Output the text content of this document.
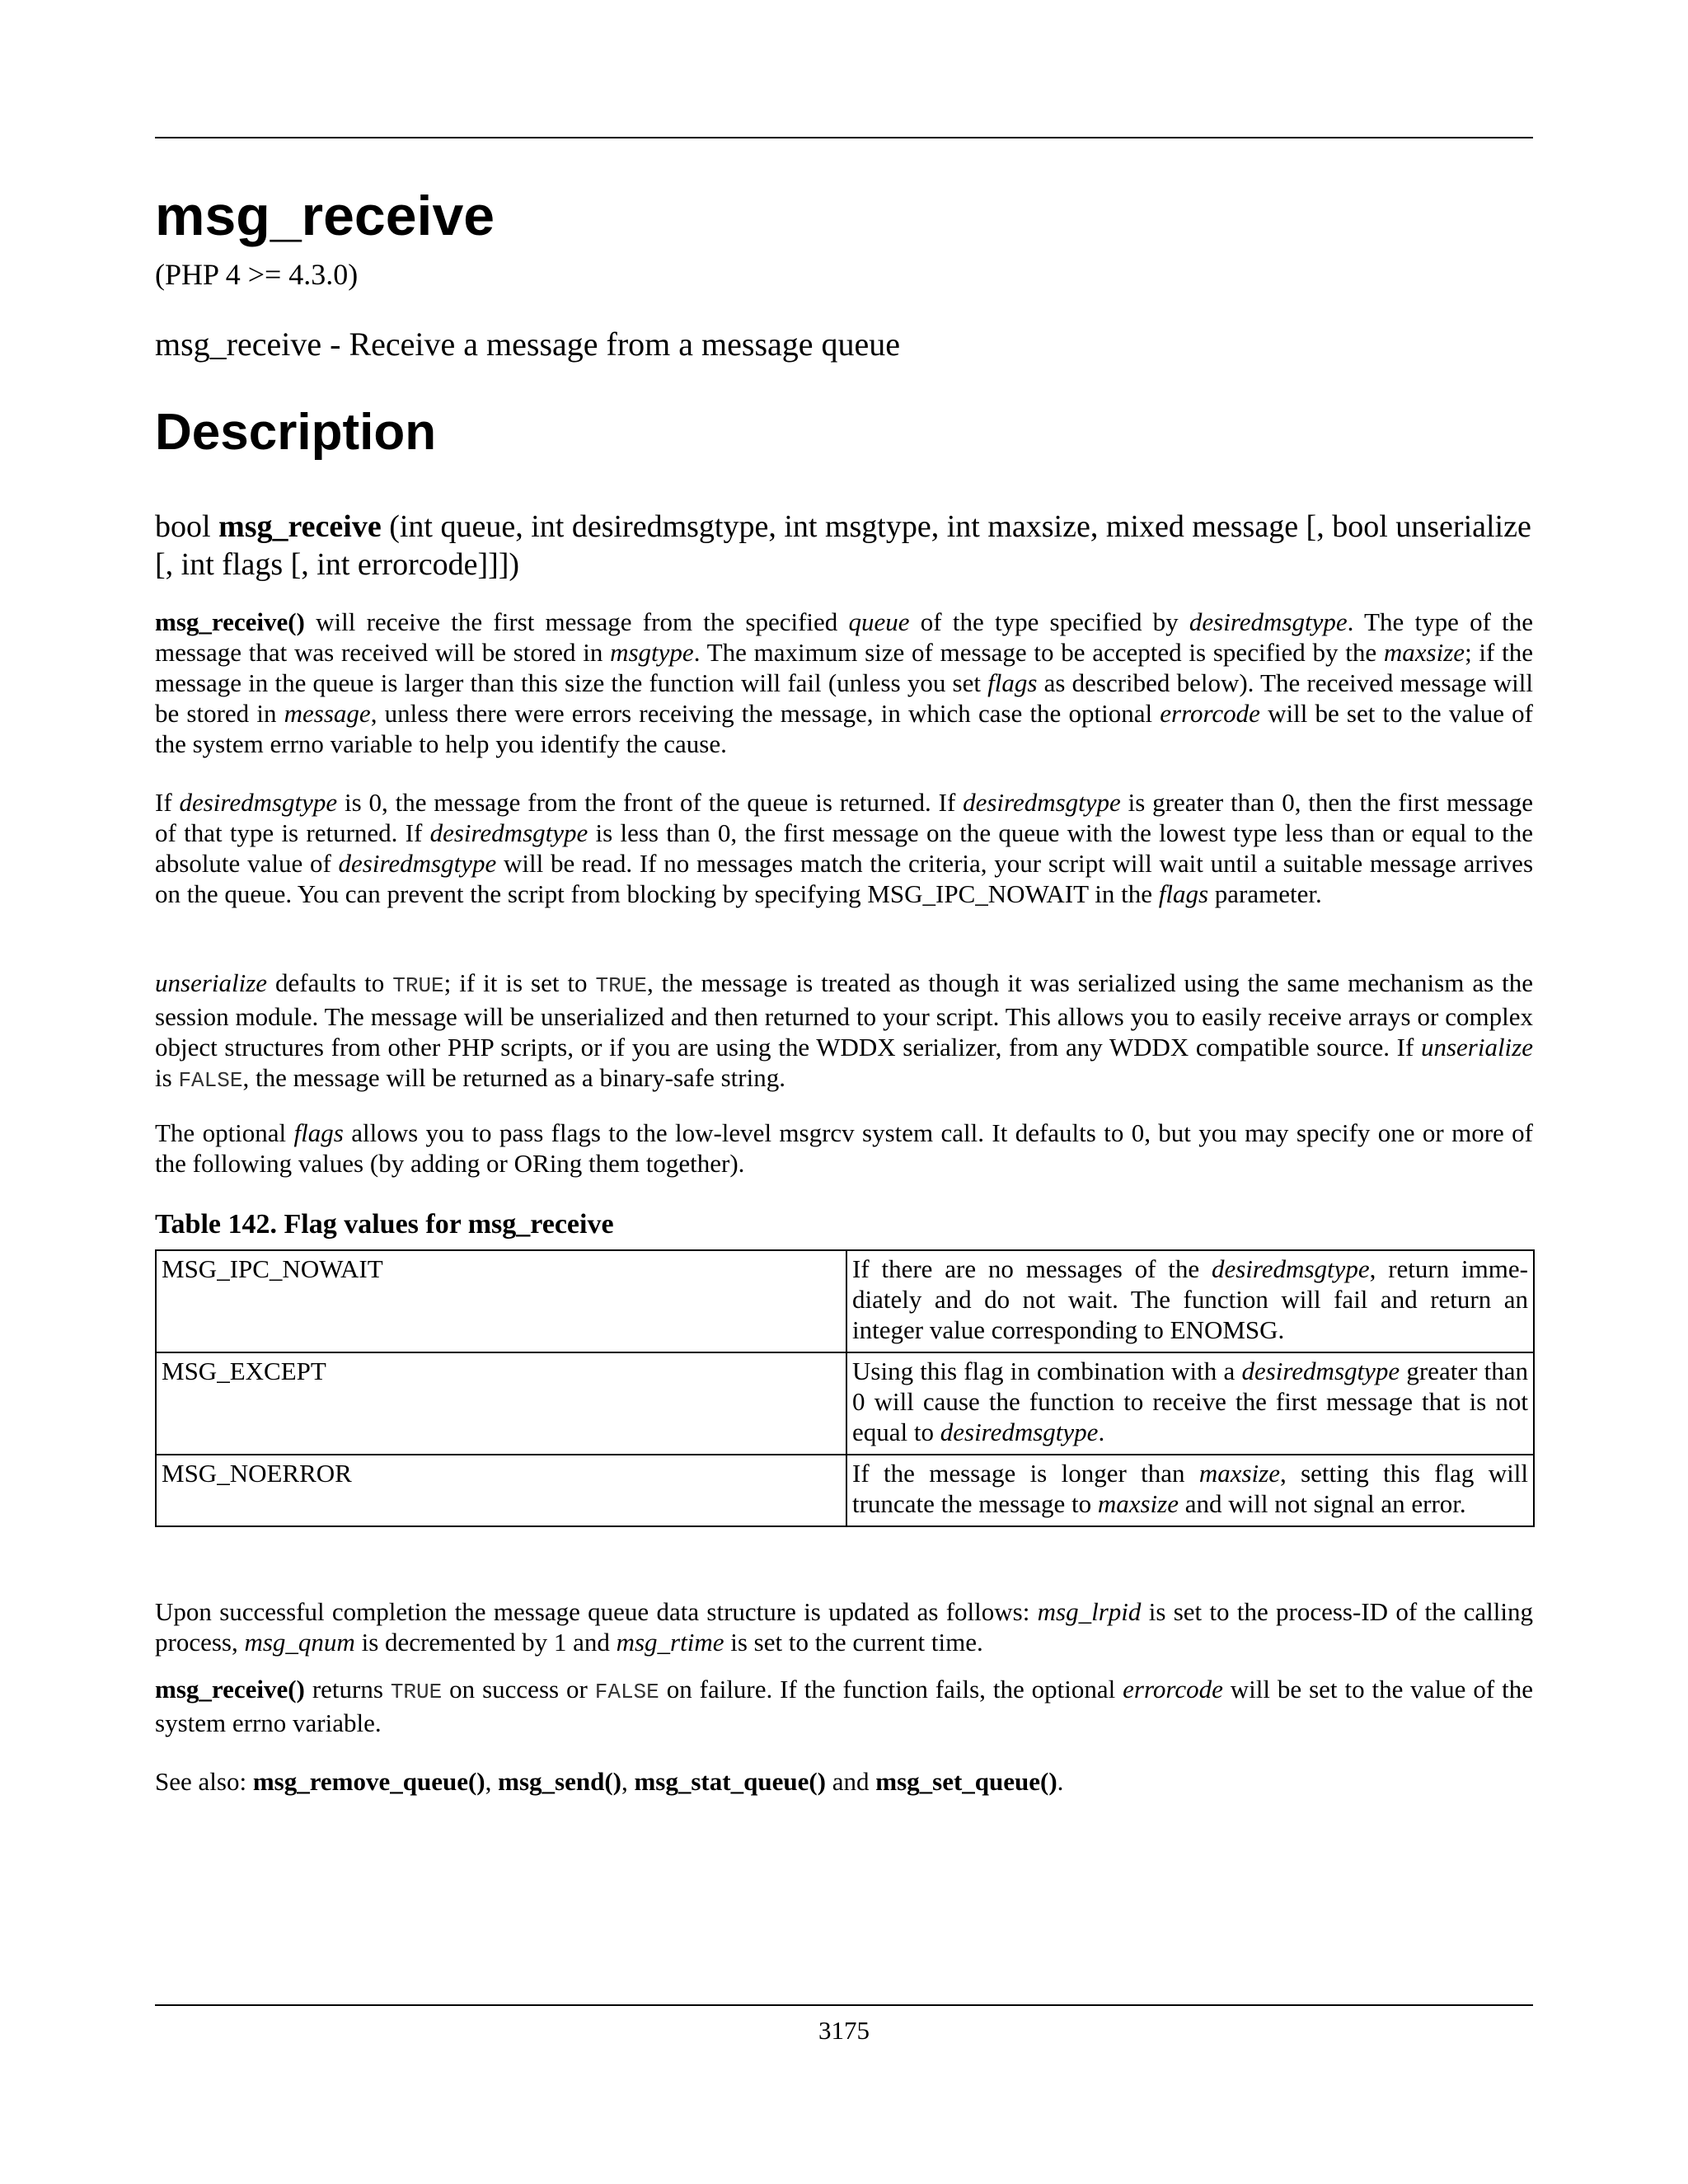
msg_receive
(PHP 4 >= 4.3.0)
msg_receive - Receive a message from a message queue
Description
bool msg_receive (int queue, int desiredmsgtype, int msgtype, int maxsize, mixed message [, bool unserialize [, int flags [, int errorcode]]])

msg_receive() will receive the first message from the specified queue of the type specified by desiredmsgtype. The type of the message that was received will be stored in msgtype. The maximum size of message to be accepted is specified by the maxsize; if the message in the queue is larger than this size the function will fail (unless you set flags as described below). The received message will be stored in message, unless there were errors receiving the message, in which case the optional errorcode will be set to the value of the system errno variable to help you identify the cause.

If desiredmsgtype is 0, the message from the front of the queue is returned. If desiredmsgtype is greater than 0, then the first message of that type is returned. If desiredmsgtype is less than 0, the first message on the queue with the lowest type less than or equal to the absolute value of desiredmsgtype will be read. If no messages match the criteria, your script will wait until a suitable message arrives on the queue. You can prevent the script from blocking by specifying MSG_IPC_NOWAIT in the flags parameter.

unserialize defaults to TRUE; if it is set to TRUE, the message is treated as though it was serialized using the same mechanism as the session module. The message will be unserialized and then returned to your script. This allows you to easily receive arrays or complex object structures from other PHP scripts, or if you are using the WDDX serializer, from any WDDX compatible source. If unserialize is FALSE, the message will be returned as a binary-safe string.

The optional flags allows you to pass flags to the low-level msgrcv system call. It defaults to 0, but you may specify one or more of the following values (by adding or ORing them together).

Table 142. Flag values for msg_receive
MSG_IPC_NOWAIT	If there are no messages of the desiredmsgtype, return immediately and do not wait. The function will fail and return an integer value corresponding to ENOMSG.
MSG_EXCEPT	Using this flag in combination with a desiredmsgtype greater than 0 will cause the function to receive the first message that is not equal to desiredmsgtype.
MSG_NOERROR	If the message is longer than maxsize, setting this flag will truncate the message to maxsize and will not signal an error.

Upon successful completion the message queue data structure is updated as follows: msg_lrpid is set to the process-ID of the calling process, msg_qnum is decremented by 1 and msg_rtime is set to the current time.

msg_receive() returns TRUE on success or FALSE on failure. If the function fails, the optional errorcode will be set to the value of the system errno variable.

See also: msg_remove_queue(), msg_send(), msg_stat_queue() and msg_set_queue().

3175
